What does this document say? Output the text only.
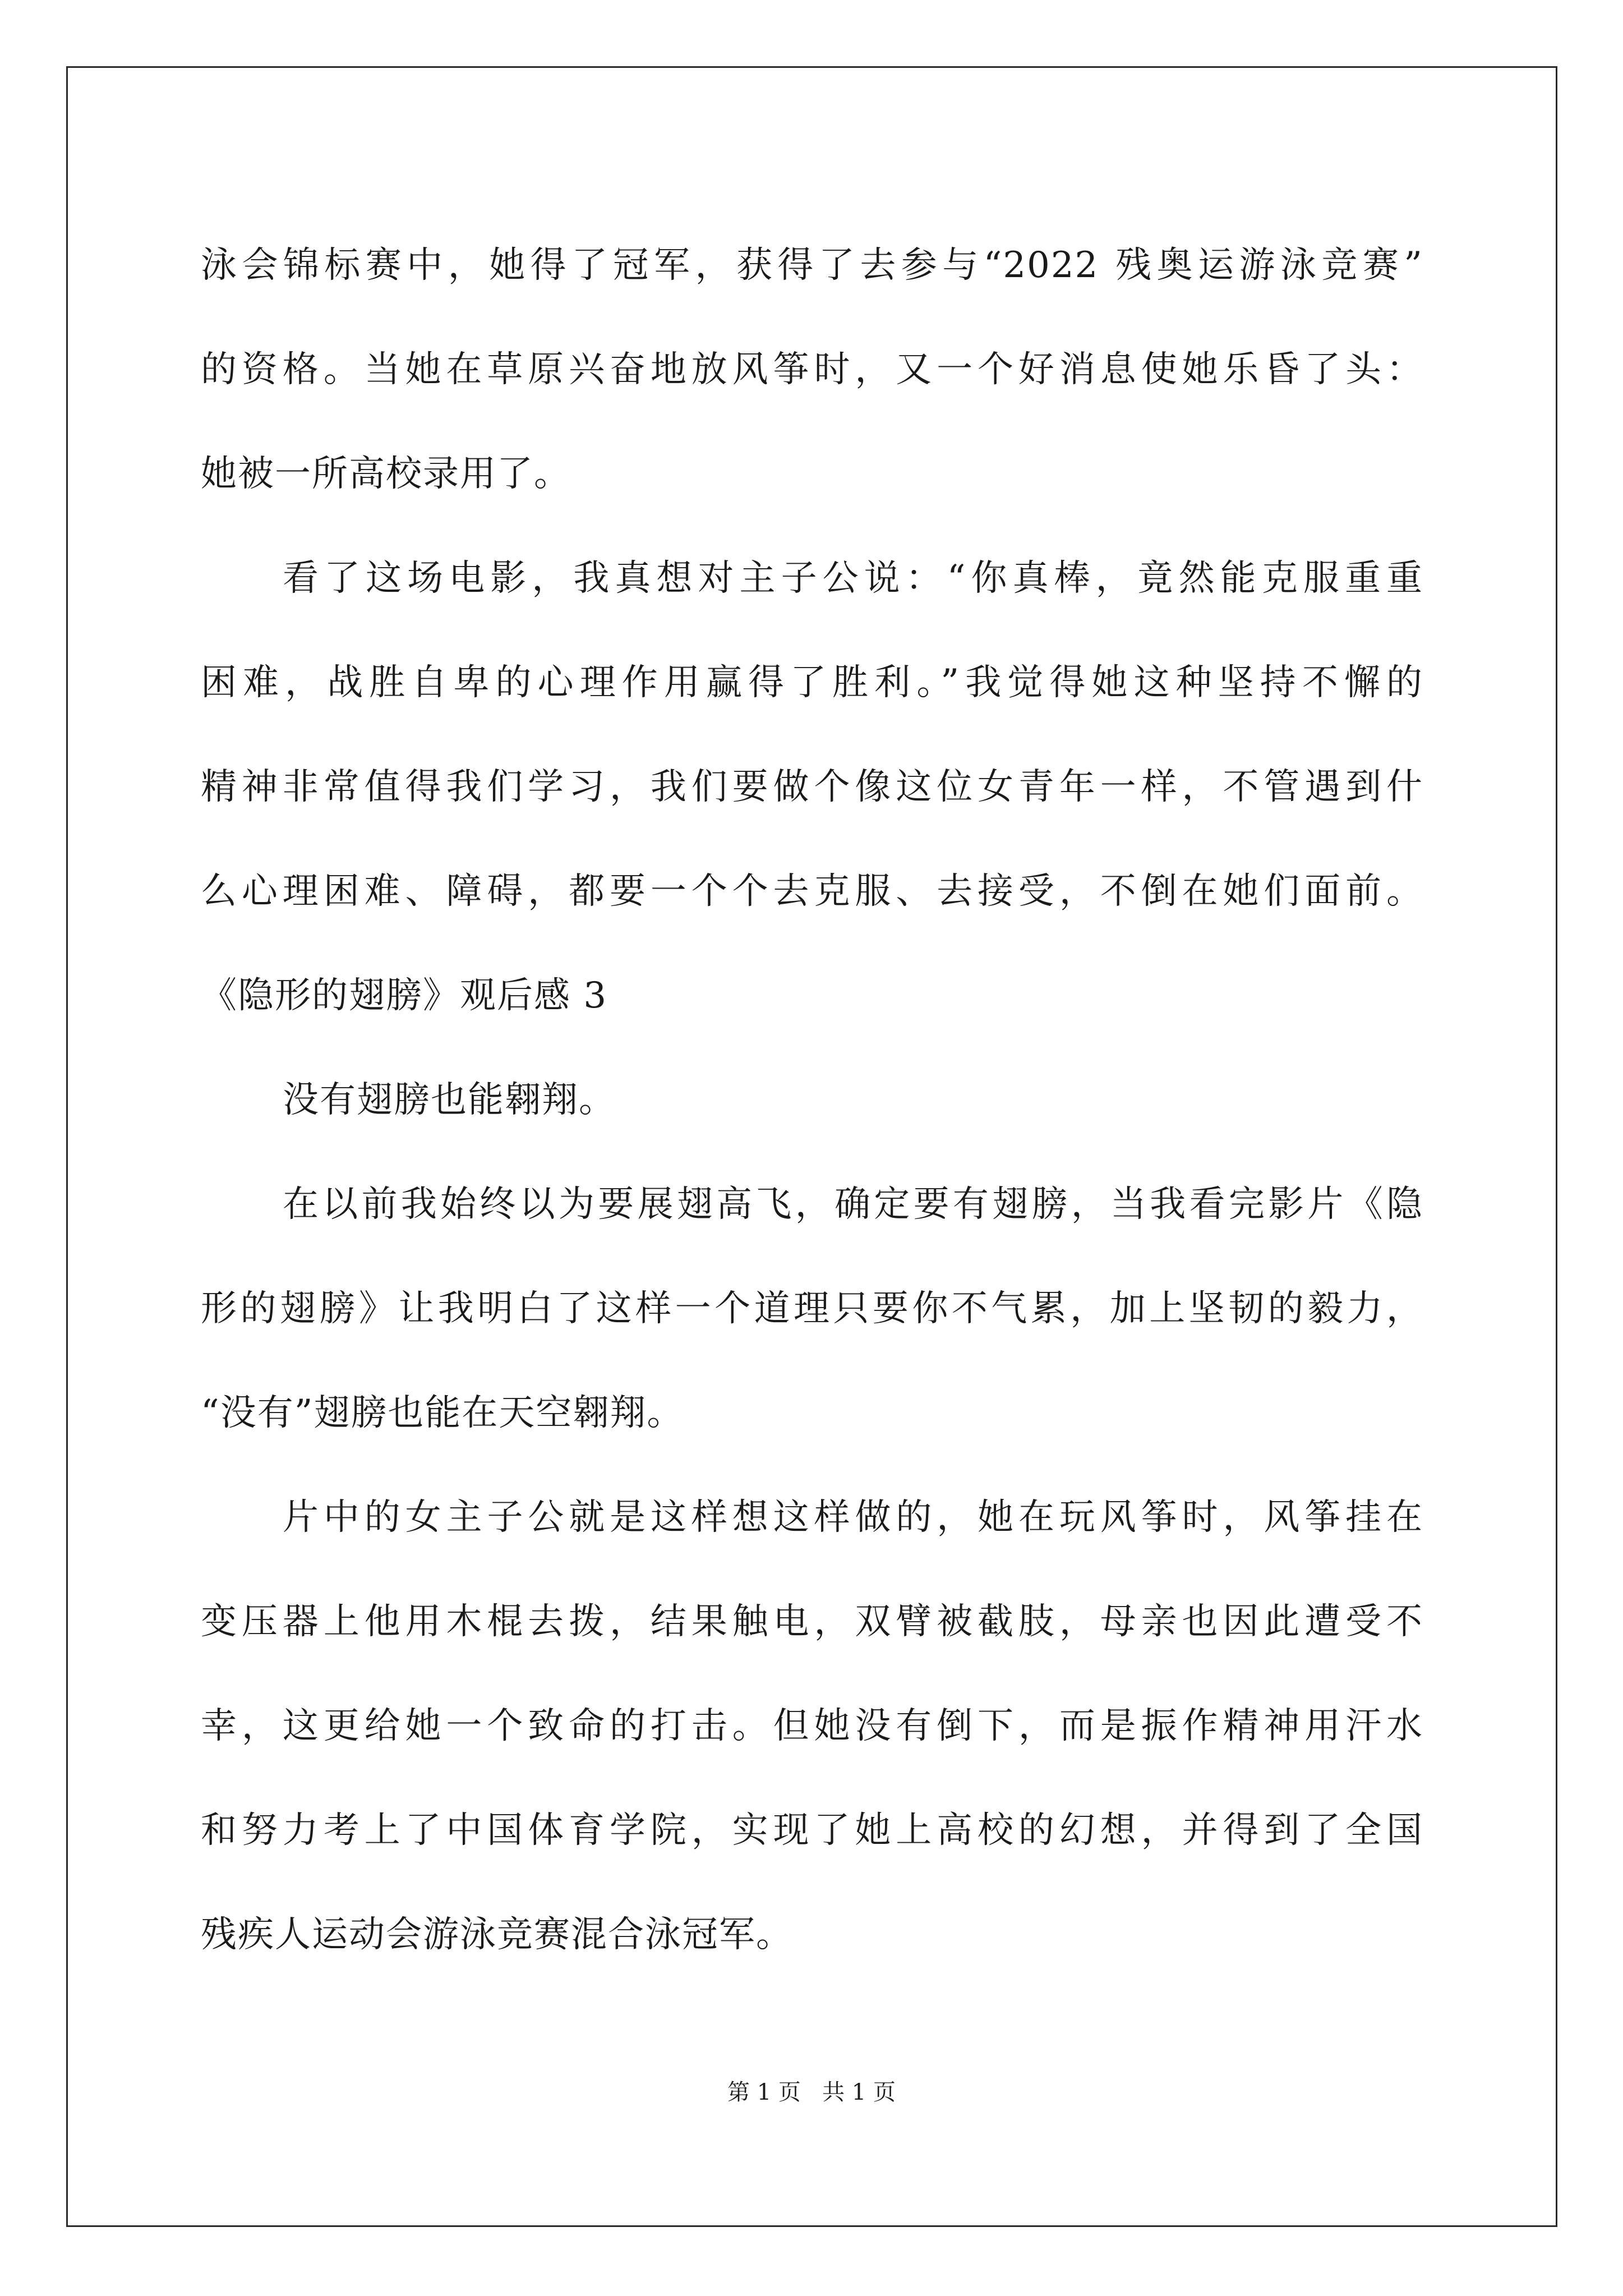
泳会锦标赛中，她得了冠军，获得了去参与“2022 残奥运游泳竞赛”
的资格。当她在草原兴奋地放风筝时，又一个好消息使她乐昏了头：
她被一所高校录用了。
看了这场电影，我真想对主子公说：“你真棒，竟然能克服重重
困难，战胜自卑的心理作用赢得了胜利。”我觉得她这种坚持不懈的
精神非常值得我们学习，我们要做个像这位女青年一样，不管遇到什
么心理困难、障碍，都要一个个去克服、去接受，不倒在她们面前。
《隐形的翅膀》观后感 3
没有翅膀也能翱翔。
在以前我始终以为要展翅高飞，确定要有翅膀，当我看完影片《隐
形的翅膀》让我明白了这样一个道理只要你不气累，加上坚韧的毅力，
“没有”翅膀也能在天空翱翔。
片中的女主子公就是这样想这样做的，她在玩风筝时，风筝挂在
变压器上他用木棍去拨，结果触电，双臂被截肢，母亲也因此遭受不
幸，这更给她一个致命的打击。但她没有倒下，而是振作精神用汗水
和努力考上了中国体育学院，实现了她上高校的幻想，并得到了全国
残疾人运动会游泳竞赛混合泳冠军。
第 1 页   共 1 页
